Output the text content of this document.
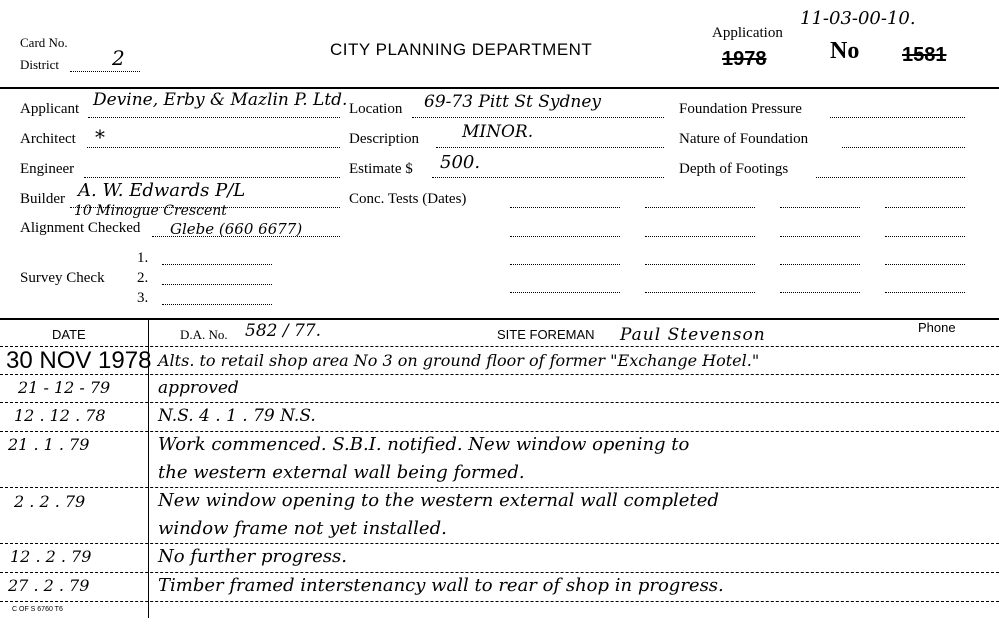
Card No.
District	2	CITY PLANNING DEPARTMENT
Application
11-03-00-10.
1978	No 1581
Applicant Devine, Erby & Mazlin P. Ltd.
Architect *
Engineer
Builder A. W. Edwards P/L
10 Minogue Crescent
Alignment Checked Glebe (660 6677)
Survey Check
1.
2.
3.
Location 69-73 Pitt St Sydney
Description	MINOR.
Estimate $ 500.
Conc. Tests (Dates)
Foundation Pressure
Nature of Foundation
Depth of Footings
DATE	D.A. No. 582 / 77.	SITE FOREMAN Paul Stevenson	Phone
30 NOV 1978 Alts. to retail shop area No 3 on ground floor of former "Exchange Hotel."
21 - 12 - 79	approved
12 . 12 . 78	N.S. 4 . 1 . 79 N.S.
21 . 1 . 79	Work commenced. S.B.I. notified. New window opening to
the western external wall being formed.
2 . 2 . 79	New window opening to the western external wall completed
window frame not yet installed.
12 . 2 . 79	No further progress.
27 . 2 . 79	Timber framed interstenancy wall to rear of shop in progress.
C OF S 6760 T6
